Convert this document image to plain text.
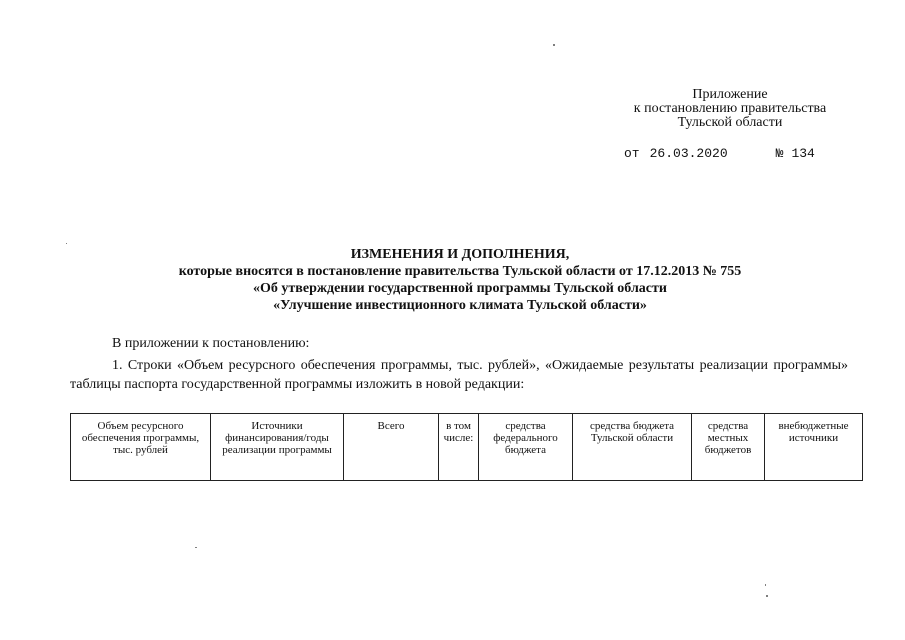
Приложение
к постановлению правительства
Тульской области
от 26.03.2020	№ 134
ИЗМЕНЕНИЯ И ДОПОЛНЕНИЯ,
которые вносятся в постановление правительства Тульской области от 17.12.2013 № 755
«Об утверждении государственной программы Тульской области
«Улучшение инвестиционного климата Тульской области»
В приложении к постановлению:
1. Строки «Объем ресурсного обеспечения программы, тыс. рублей», «Ожидаемые результаты реализации программы» таблицы паспорта государственной программы изложить в новой редакции:
Объем ресурсного обеспечения программы, тыс. рублей	Источники финансирования/годы реализации программы	Всего	в том числе:	средства федерального бюджета	средства бюджета Тульской области	средства местных бюджетов	внебюджетные источники
